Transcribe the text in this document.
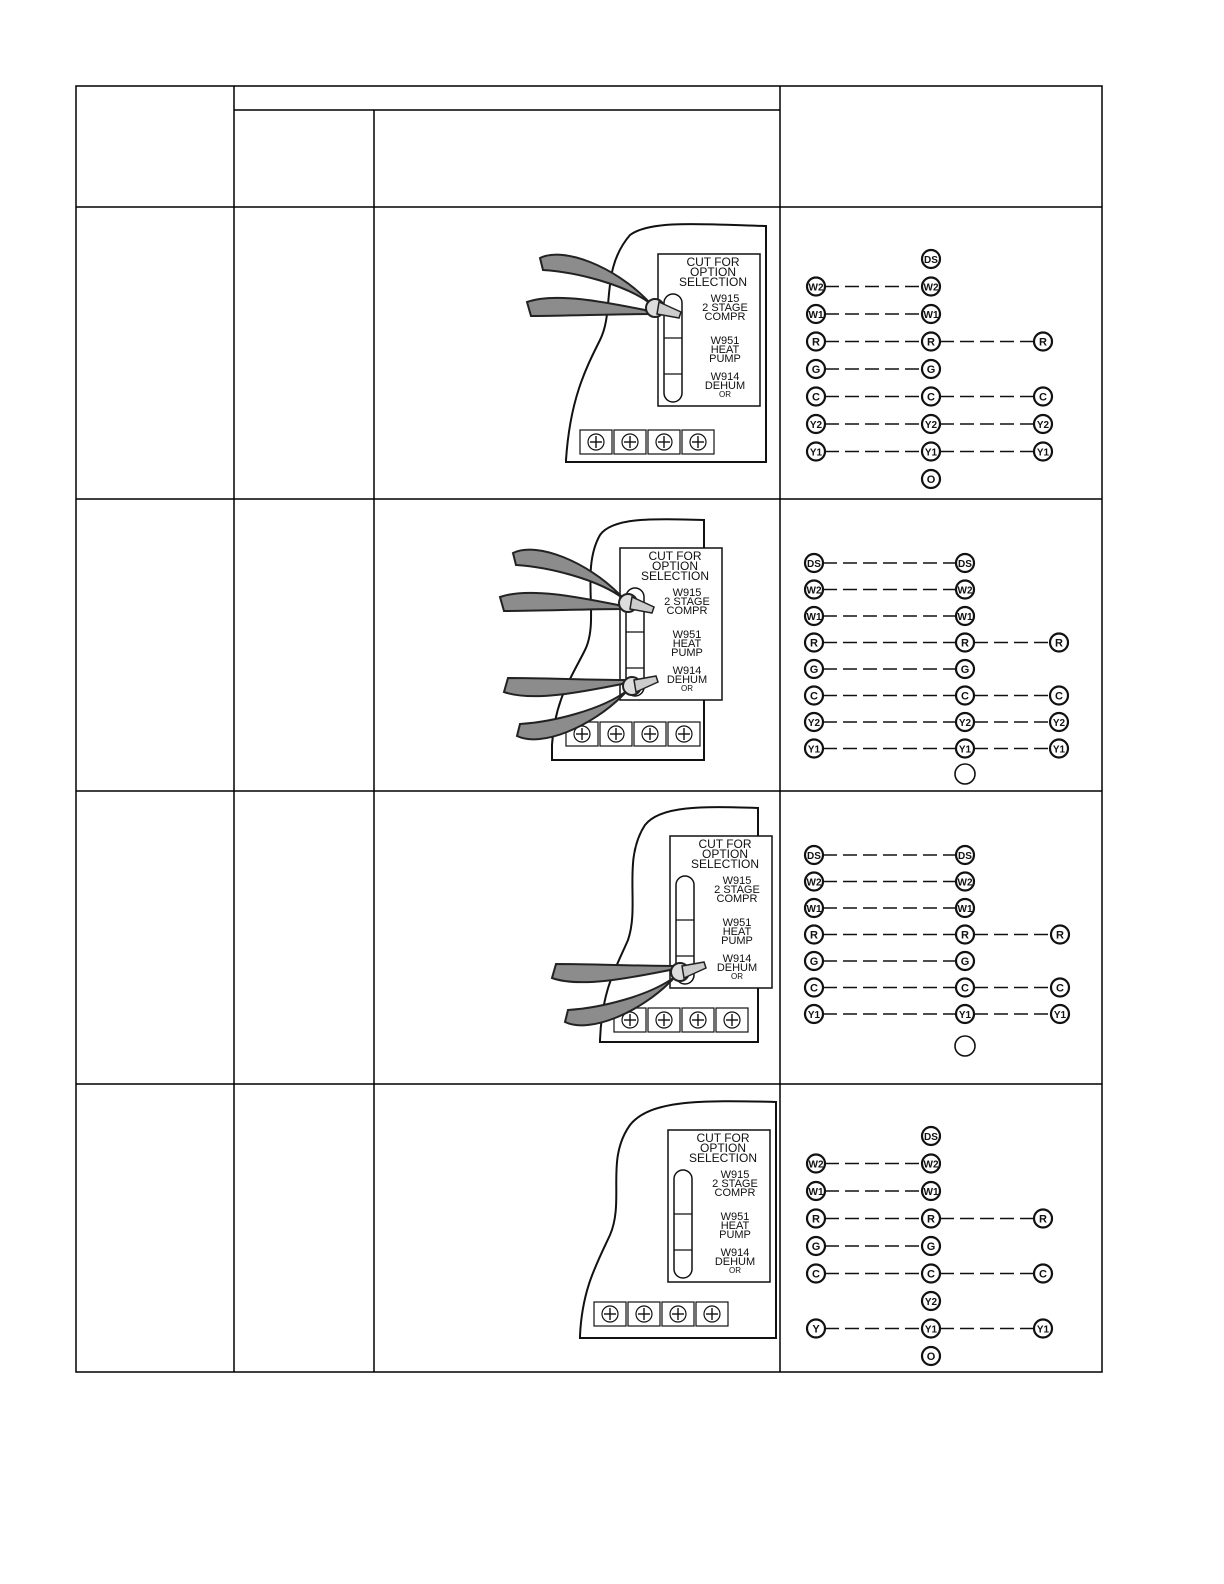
CUT FOR
OPTION
SELECTION
W915
2 STAGE
COMPR
W951
HEAT
PUMP
W914
DEHUM
OR
CUT FOR
OPTION
SELECTION
W915
2 STAGE
COMPR
W951
HEAT
PUMP
W914
DEHUM
OR
CUT FOR
OPTION
SELECTION
W915
2 STAGE
COMPR
W951
HEAT
PUMP
W914
DEHUM
OR
CUT FOR
OPTION
SELECTION
W915
2 STAGE
COMPR
W951
HEAT
PUMP
W914
DEHUM
OR
DS
W2	W2
W1	W1
R	R	R
G	G
C	C	C
Y2	Y2	Y2
Y1	Y1	Y1
O
DS	DS
W2	W2
W1	W1
R	R	R
G	G
C	C	C
Y2	Y2	Y2
Y1	Y1	Y1
DS	DS
W2	W2
W1	W1
R	R	R
G	G
C	C	C
Y1	Y1	Y1
DS
W2	W2
W1	W1
R	R	R
G	G
C	C	C
Y2
Y	Y1	Y1
O
